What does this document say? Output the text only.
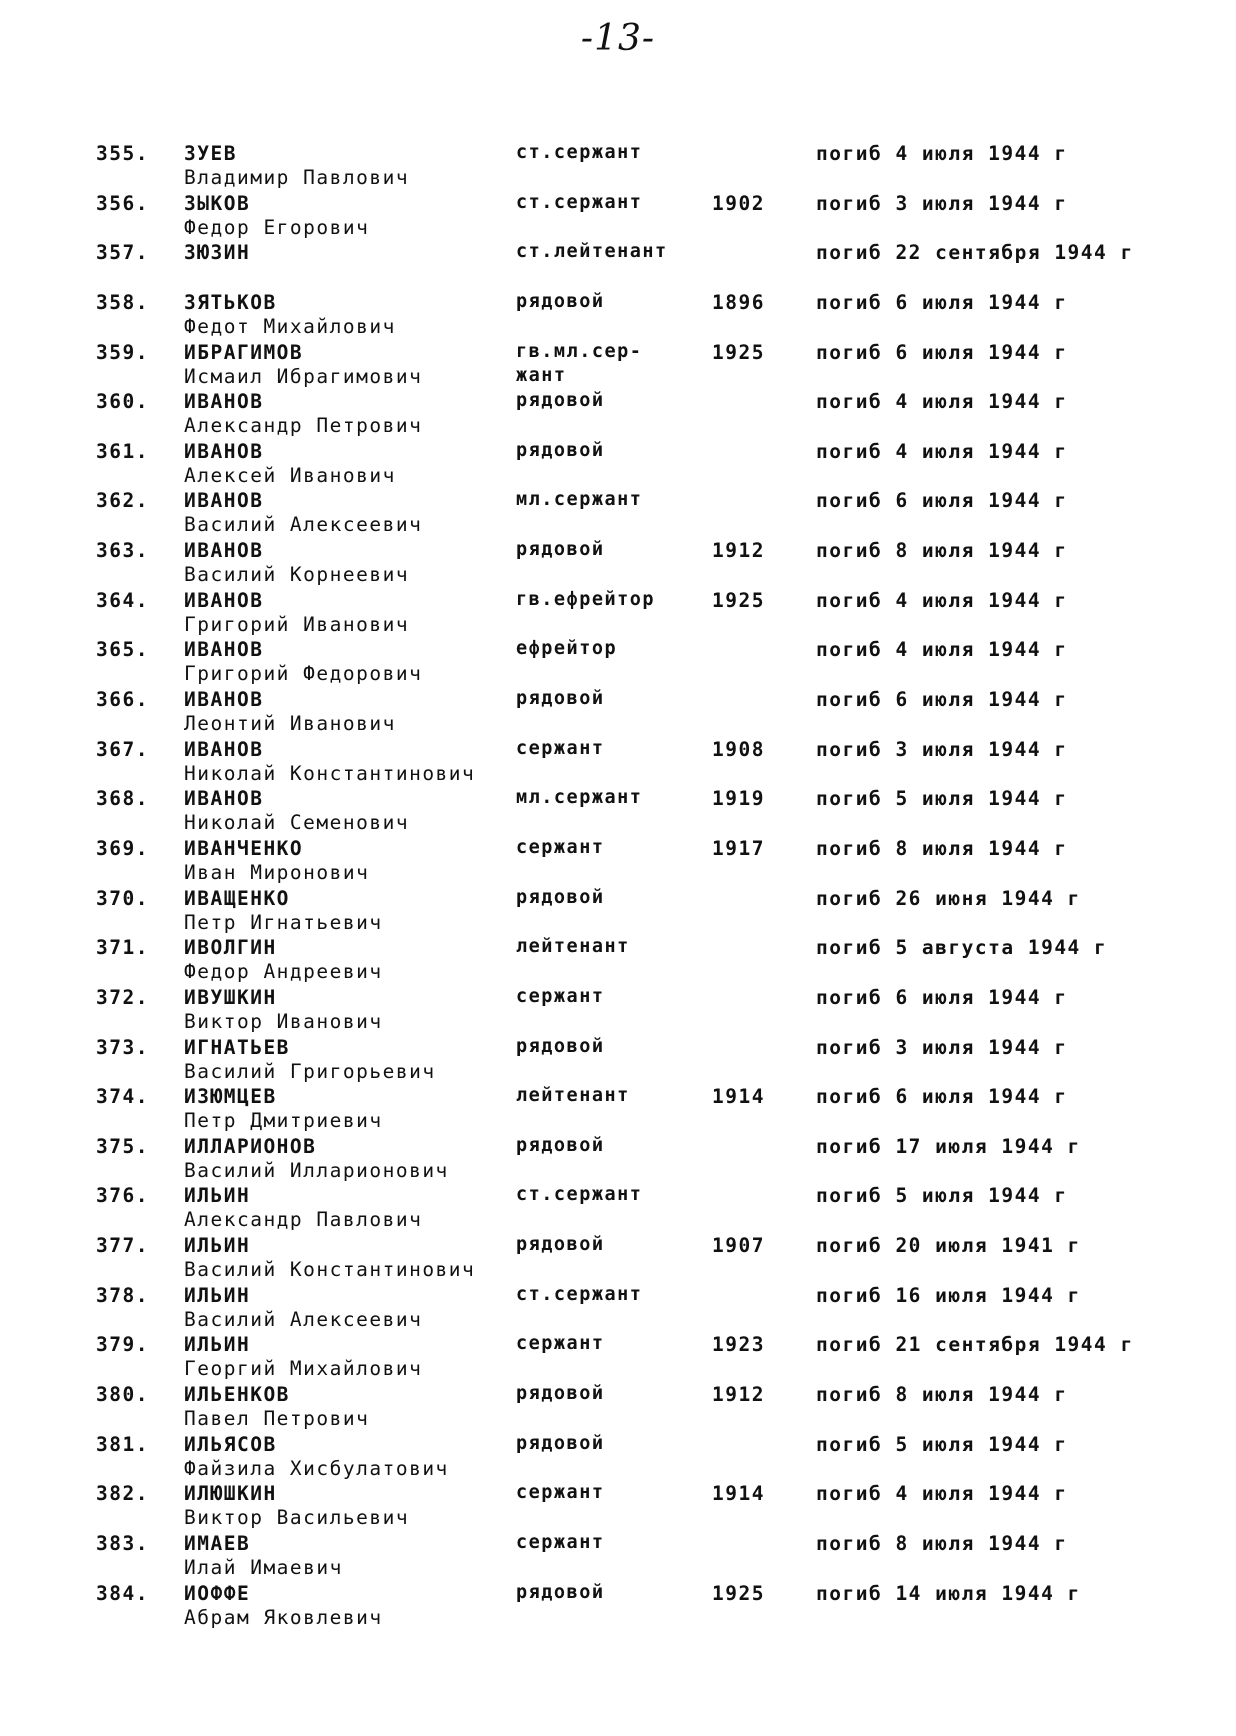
-13-
355. ЗУЕВ
Владимир Павлович
ст.сержант	погиб 4 июля 1944 г
356. ЗЫКОВ
Федор Егорович
ст.сержант	1902	погиб 3 июля 1944 г
357. ЗЮЗИН	ст.лейтенант	погиб 22 сентября 1944 г
358. ЗЯТЬКОВ
Федот Михайлович
рядовой	1896	погиб 6 июля 1944 г
359. ИБРАГИМОВ
Исмаил Ибрагимович
гв.мл.сер-
жант
1925	погиб 6 июля 1944 г
360. ИВАНОВ
Александр Петрович
рядовой	погиб 4 июля 1944 г
361. ИВАНОВ
Алексей Иванович
рядовой	погиб 4 июля 1944 г
362. ИВАНОВ
Василий Алексеевич
мл.сержант	погиб 6 июля 1944 г
363. ИВАНОВ
Василий Корнеевич
рядовой	1912	погиб 8 июля 1944 г
364. ИВАНОВ
Григорий Иванович
гв.ефрейтор	1925	погиб 4 июля 1944 г
365. ИВАНОВ
Григорий Федорович
ефрейтор	погиб 4 июля 1944 г
366. ИВАНОВ
Леонтий Иванович
рядовой	погиб 6 июля 1944 г
367. ИВАНОВ
Николай Константинович
сержант	1908	погиб 3 июля 1944 г
368. ИВАНОВ
Николай Семенович
мл.сержант	1919	погиб 5 июля 1944 г
369. ИВАНЧЕНКО
Иван Миронович
сержант	1917	погиб 8 июля 1944 г
370. ИВАЩЕНКО
Петр Игнатьевич
рядовой	погиб 26 июня 1944 г
371. ИВОЛГИН
Федор Андреевич
лейтенант	погиб 5 августа 1944 г
372. ИВУШКИН
Виктор Иванович
сержант	погиб 6 июля 1944 г
373. ИГНАТЬЕВ
Василий Григорьевич
рядовой	погиб 3 июля 1944 г
374. ИЗЮМЦЕВ
Петр Дмитриевич
лейтенант	1914	погиб 6 июля 1944 г
375. ИЛЛАРИОНОВ
Василий Илларионович
рядовой	погиб 17 июля 1944 г
376. ИЛЬИН
Александр Павлович
ст.сержант	погиб 5 июля 1944 г
377. ИЛЬИН
Василий Константинович
рядовой	1907	погиб 20 июля 1941 г
378. ИЛЬИН
Василий Алексеевич
ст.сержант	погиб 16 июля 1944 г
379. ИЛЬИН
Георгий Михайлович
сержант	1923	погиб 21 сентября 1944 г
380. ИЛЬЕНКОВ
Павел Петрович
рядовой	1912	погиб 8 июля 1944 г
381. ИЛЬЯСОВ
Файзила Хисбулатович
рядовой	погиб 5 июля 1944 г
382. ИЛЮШКИН
Виктор Васильевич
сержант	1914	погиб 4 июля 1944 г
383. ИМАЕВ
Илай Имаевич
сержант	погиб 8 июля 1944 г
384. ИОФФЕ
Абрам Яковлевич
рядовой	1925	погиб 14 июля 1944 г
